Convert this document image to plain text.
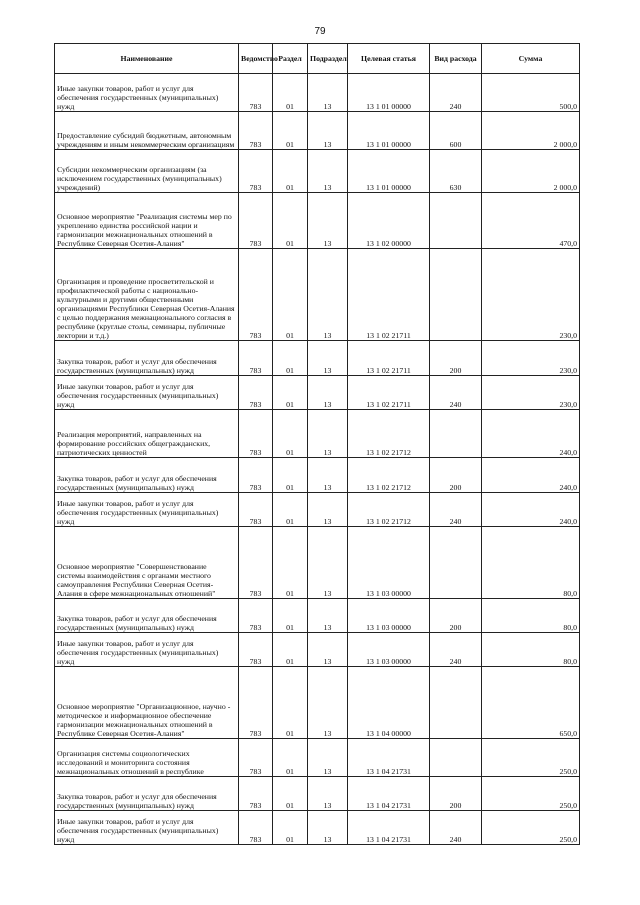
79
Наименование	Ведомство	Раздел	Подраздел	Целевая статья	Вид расхода	Сумма
Иные закупки товаров, работ и услуг для обеспечения государственных (муниципальных) нужд	783	01	13	13 1 01 00000	240	500,0
Предоставление субсидий бюджетным, автономным учреждениям и иным некоммерческим организациям	783	01	13	13 1 01 00000	600	2 000,0
Субсидии некоммерческим организациям (за исключением государственных (муниципальных) учреждений)	783	01	13	13 1 01 00000	630	2 000,0
Основное мероприятие "Реализация системы мер по укреплению единства российской нации и гармонизации межнациональных отношений в Республике Северная Осетия-Алания"	783	01	13	13 1 02 00000		470,0
Организация и проведение просветительской и профилактической работы с национально-культурными и другими общественными организациями Республики Северная Осетия-Алания с целью поддержания межнационального согласия в республике (круглые столы, семинары, публичные лектории и т.д.)	783	01	13	13 1 02 21711		230,0
Закупка товаров, работ и услуг для обеспечения государственных (муниципальных) нужд	783	01	13	13 1 02 21711	200	230,0
Иные закупки товаров, работ и услуг для обеспечения государственных (муниципальных) нужд	783	01	13	13 1 02 21711	240	230,0
Реализация мероприятий, направленных на формирование российских общегражданских, патриотических ценностей	783	01	13	13 1 02 21712		240,0
Закупка товаров, работ и услуг для обеспечения государственных (муниципальных) нужд	783	01	13	13 1 02 21712	200	240,0
Иные закупки товаров, работ и услуг для обеспечения государственных (муниципальных) нужд	783	01	13	13 1 02 21712	240	240,0
Основное мероприятие "Совершенствование системы взаимодействия с органами местного самоуправления Республики Северная Осетия-Алания в сфере межнациональных отношений"	783	01	13	13 1 03 00000		80,0
Закупка товаров, работ и услуг для обеспечения государственных (муниципальных) нужд	783	01	13	13 1 03 00000	200	80,0
Иные закупки товаров, работ и услуг для обеспечения государственных (муниципальных) нужд	783	01	13	13 1 03 00000	240	80,0
Основное мероприятие "Организационное, научно - методическое и информационное обеспечение гармонизации межнациональных отношений в Республике Северная Осетия-Алания"	783	01	13	13 1 04 00000		650,0
Организация системы социологических исследований и мониторинга состояния межнациональных отношений в республике	783	01	13	13 1 04 21731		250,0
Закупка товаров, работ и услуг для обеспечения государственных (муниципальных) нужд	783	01	13	13 1 04 21731	200	250,0
Иные закупки товаров, работ и услуг для обеспечения государственных (муниципальных) нужд	783	01	13	13 1 04 21731	240	250,0
